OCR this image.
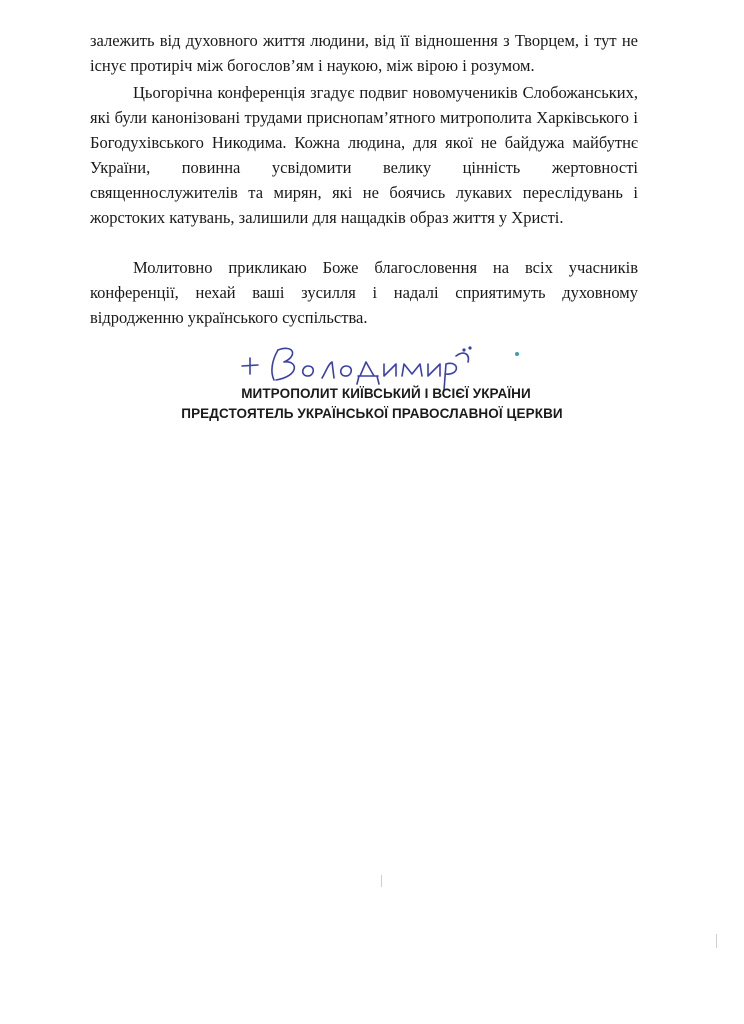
залежить від духовного життя людини, від її відношення з Творцем, і тут не існує протиріч між богослов’ям і наукою, між вірою і розумом.

Цьогорічна конференція згадує подвиг новомучеників Слобожанських, які були канонізовані трудами приснопам’ятного митрополита Харківського і Богодухівського Никодима. Кожна людина, для якої не байдужа майбутнє України, повинна усвідомити велику цінність жертовності священнослужителів та мирян, які не боячись лукавих переслідувань і жорстоких катувань, залишили для нащадків образ життя у Христі.

Молитовно прикликаю Боже благословення на всіх учасників конференції, нехай ваші зусилля і надалі сприятимуть духовному відродженню українського суспільства.

МИТРОПОЛИТ КИЇВСЬКИЙ І ВСІЄЇ УКРАЇНИ
ПРЕДСТОЯТЕЛЬ УКРАЇНСЬКОЇ ПРАВОСЛАВНОЇ ЦЕРКВИ
